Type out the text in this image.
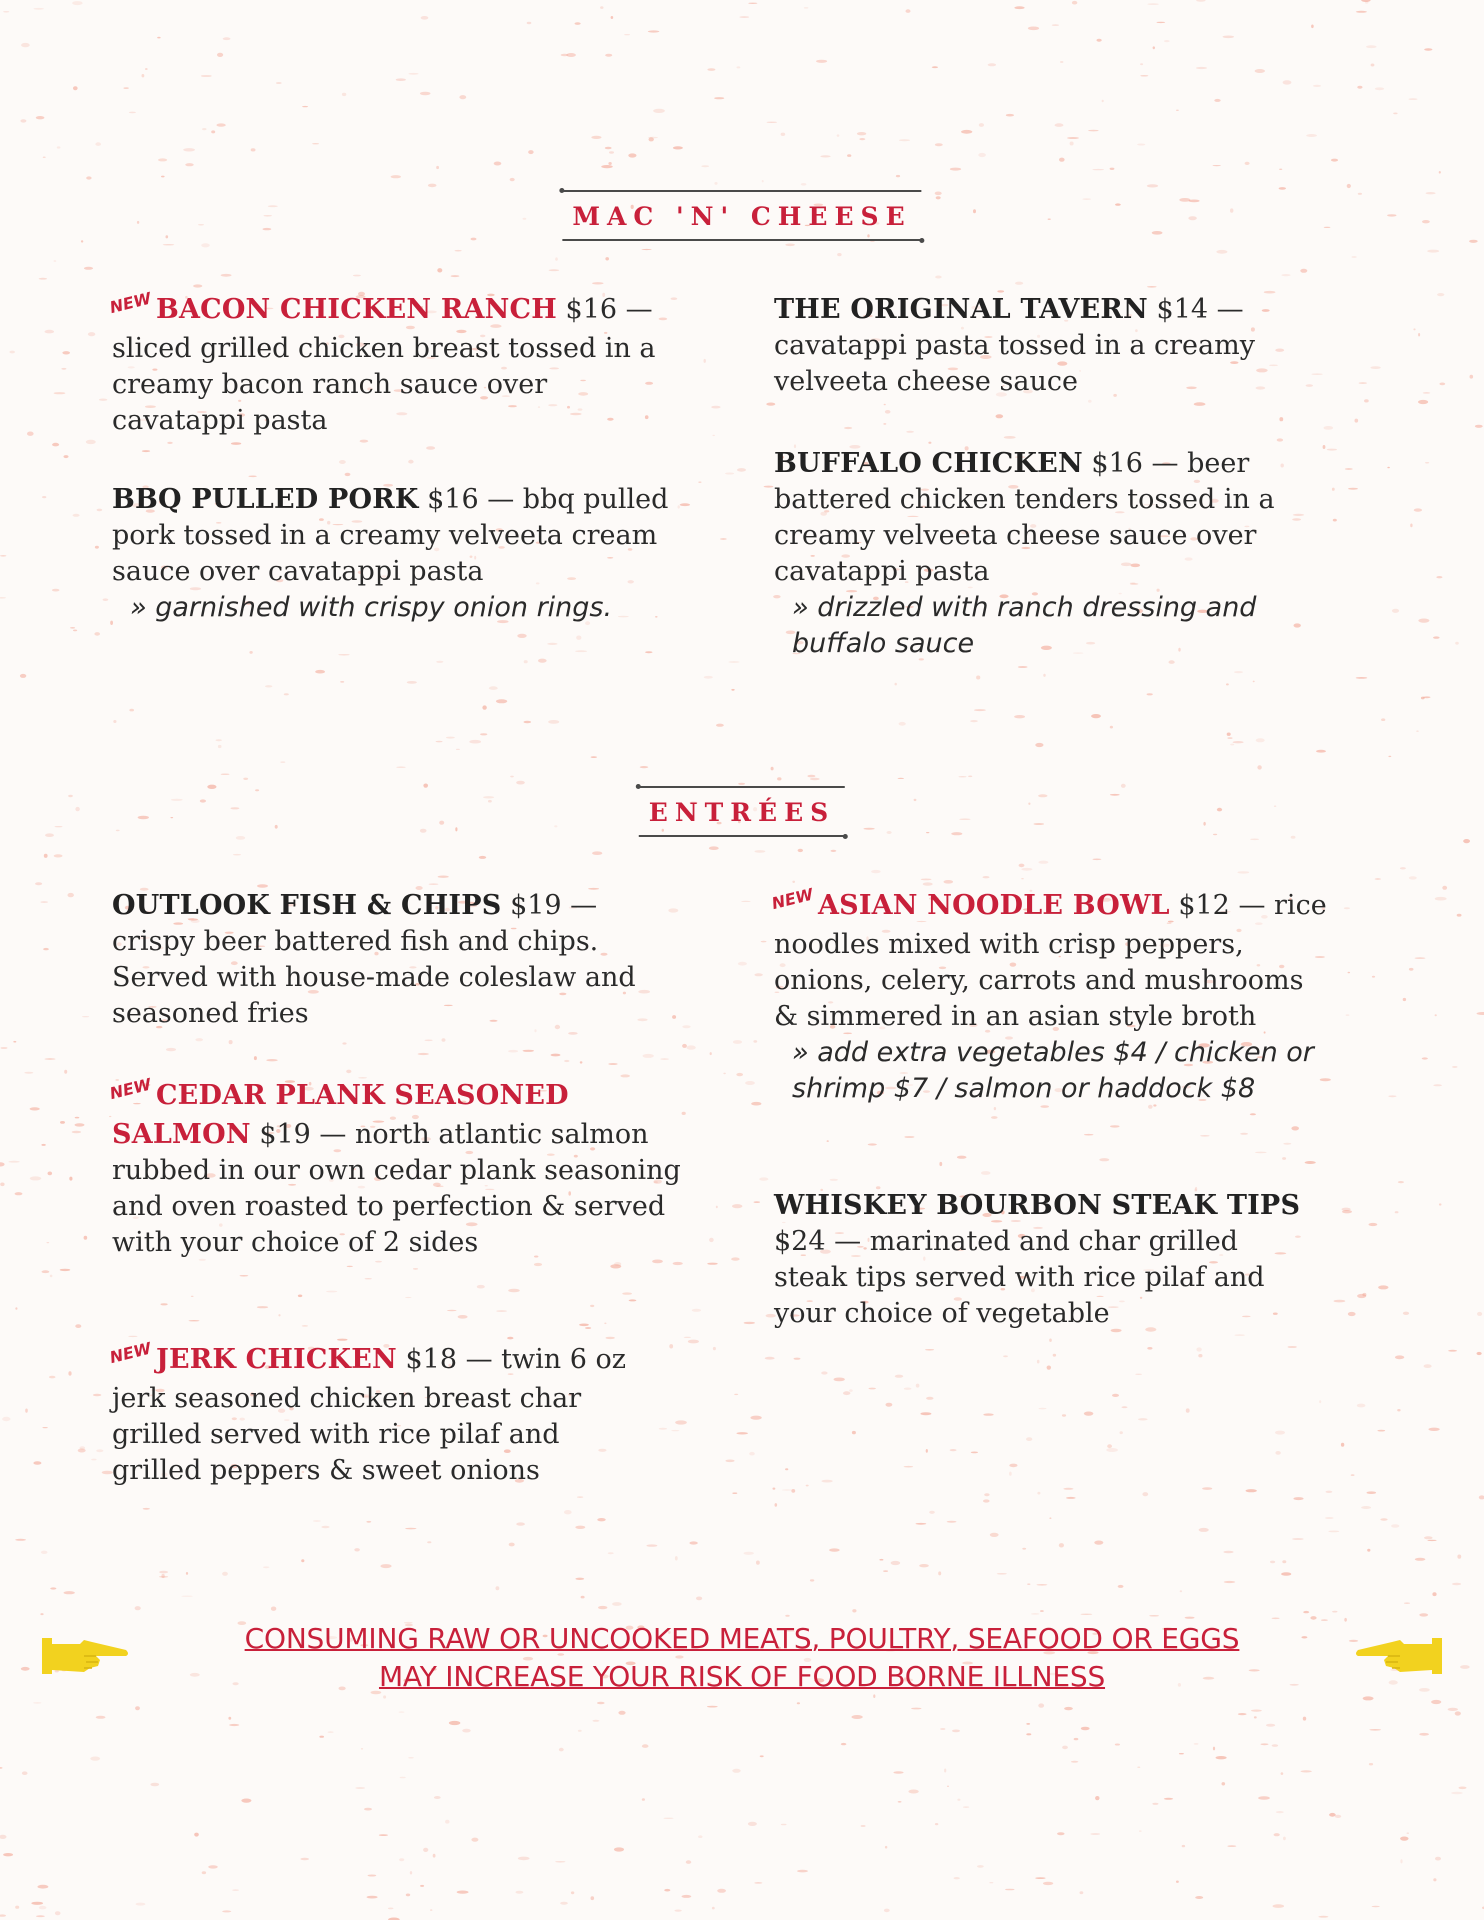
MAC 'N' CHEESE
NEW BACON CHICKEN RANCH $16 — sliced grilled chicken breast tossed in a creamy bacon ranch sauce over cavatappi pasta
THE ORIGINAL TAVERN $14 — cavatappi pasta tossed in a creamy velveeta cheese sauce
BBQ PULLED PORK $16 — bbq pulled pork tossed in a creamy velveeta cream sauce over cavatappi pasta
» garnished with crispy onion rings.
BUFFALO CHICKEN $16 — beer battered chicken tenders tossed in a creamy velveeta cheese sauce over cavatappi pasta
» drizzled with ranch dressing and buffalo sauce
ENTRÉES
OUTLOOK FISH & CHIPS $19 — crispy beer battered fish and chips. Served with house-made coleslaw and seasoned fries
NEW ASIAN NOODLE BOWL $12 — rice noodles mixed with crisp peppers, onions, celery, carrots and mushrooms & simmered in an asian style broth
» add extra vegetables $4 / chicken or shrimp $7 / salmon or haddock $8
NEW CEDAR PLANK SEASONED SALMON $19 — north atlantic salmon rubbed in our own cedar plank seasoning and oven roasted to perfection & served with your choice of 2 sides
WHISKEY BOURBON STEAK TIPS $24 — marinated and char grilled steak tips served with rice pilaf and your choice of vegetable
NEW JERK CHICKEN $18 — twin 6 oz jerk seasoned chicken breast char grilled served with rice pilaf and grilled peppers & sweet onions
CONSUMING RAW OR UNCOOKED MEATS, POULTRY, SEAFOOD OR EGGS
MAY INCREASE YOUR RISK OF FOOD BORNE ILLNESS
